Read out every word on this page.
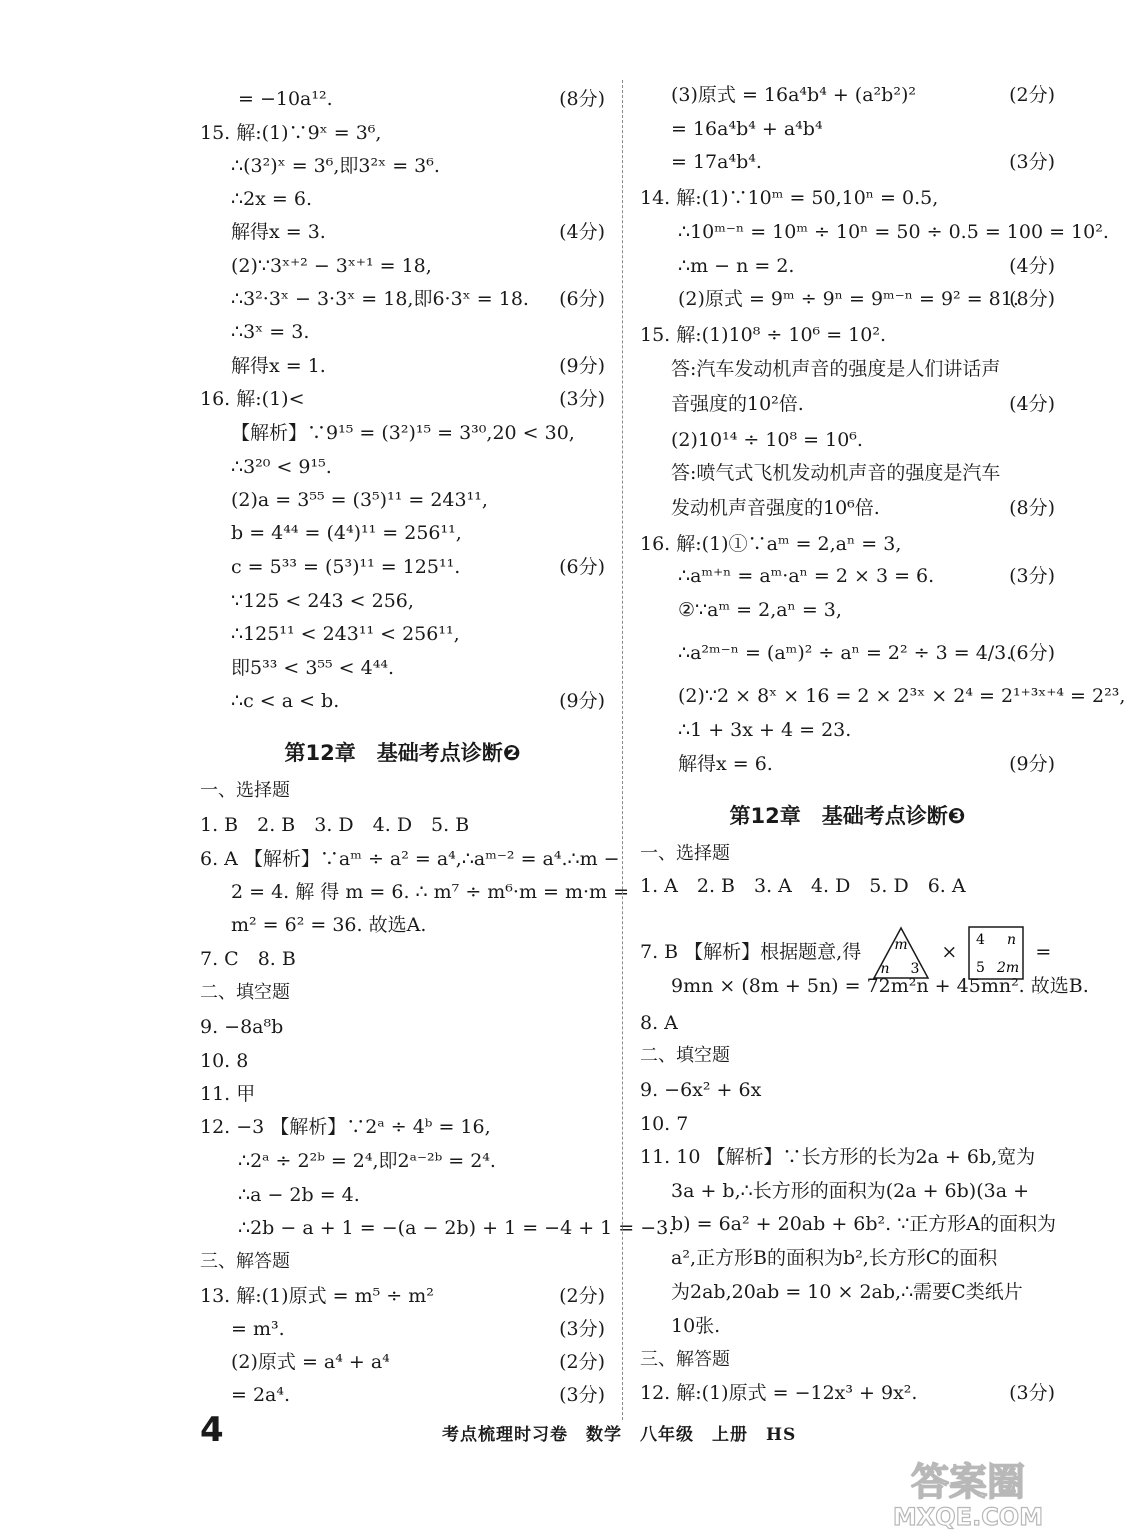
= −10a¹².	(8分)
15. 解:(1)∵9ˣ = 3⁶,
∴(3²)ˣ = 3⁶,即3²ˣ = 3⁶.
∴2x = 6.
解得x = 3.	(4分)
(2)∵3ˣ⁺² − 3ˣ⁺¹ = 18,
∴3²·3ˣ − 3·3ˣ = 18,即6·3ˣ = 18. (6分)
∴3ˣ = 3.
解得x = 1.	(9分)
16. 解:(1)<	(3分)
【解析】∵9¹⁵ = (3²)¹⁵ = 3³⁰,20 < 30,
∴3²⁰ < 9¹⁵.
(2)a = 3⁵⁵ = (3⁵)¹¹ = 243¹¹,
b = 4⁴⁴ = (4⁴)¹¹ = 256¹¹,
c = 5³³ = (5³)¹¹ = 125¹¹.	(6分)
∵125 < 243 < 256,
∴125¹¹ < 243¹¹ < 256¹¹,
即5³³ < 3⁵⁵ < 4⁴⁴.
∴c < a < b.	(9分)
第12章　基础考点诊断❷
一、选择题
1. B　2. B　3. D　4. D　5. B
6. A 【解析】∵aᵐ ÷ a² = a⁴,∴aᵐ⁻² = a⁴.∴m −
2 = 4. 解 得 m = 6. ∴ m⁷ ÷ m⁶·m = m·m =
m² = 6² = 36. 故选A.
7. C　8. B
二、填空题
9. −8a⁸b
10. 8
11. 甲
12. −3 【解析】∵2ᵃ ÷ 4ᵇ = 16,
∴2ᵃ ÷ 2²ᵇ = 2⁴,即2ᵃ⁻²ᵇ = 2⁴.
∴a − 2b = 4.
∴2b − a + 1 = −(a − 2b) + 1 = −4 + 1 = −3.
三、解答题
13. 解:(1)原式 = m⁵ ÷ m²	(2分)
= m³.	(3分)
(2)原式 = a⁴ + a⁴	(2分)
= 2a⁴.	(3分)
7. B 【解析】根据题意,得 m
n 3
×
4 n
5 2m
=
(3)原式 = 16a⁴b⁴ + (a²b²)²	(2分)
= 16a⁴b⁴ + a⁴b⁴
= 17a⁴b⁴.	(3分)
14. 解:(1)∵10ᵐ = 50,10ⁿ = 0.5,
∴10ᵐ⁻ⁿ = 10ᵐ ÷ 10ⁿ = 50 ÷ 0.5 = 100 = 10².
∴m − n = 2.	(4分)
(2)原式 = 9ᵐ ÷ 9ⁿ = 9ᵐ⁻ⁿ = 9² = 81.
(8分)
15. 解:(1)10⁸ ÷ 10⁶ = 10².
答:汽车发动机声音的强度是人们讲话声
音强度的10²倍.	(4分)
(2)10¹⁴ ÷ 10⁸ = 10⁶.
答:喷气式飞机发动机声音的强度是汽车
发动机声音强度的10⁶倍.	(8分)
16. 解:(1)①∵aᵐ = 2,aⁿ = 3,
∴aᵐ⁺ⁿ = aᵐ·aⁿ = 2 × 3 = 6.	(3分)
②∵aᵐ = 2,aⁿ = 3,
∴a²ᵐ⁻ⁿ = (aᵐ)² ÷ aⁿ = 2² ÷ 3 = 4/3.
(6分)
(2)∵2 × 8ˣ × 16 = 2 × 2³ˣ × 2⁴ = 2¹⁺³ˣ⁺⁴ = 2²³,
∴1 + 3x + 4 = 23.
解得x = 6.	(9分)
第12章　基础考点诊断❸
一、选择题
1. A　2. B　3. A　4. D　5. D　6. A
9mn × (8m + 5n) = 72m²n + 45mn². 故选B.
8. A
二、填空题
9. −6x² + 6x
10. 7
11. 10 【解析】∵长方形的长为2a + 6b,宽为
3a + b,∴长方形的面积为(2a + 6b)(3a +
b) = 6a² + 20ab + 6b². ∵正方形A的面积为
a²,正方形B的面积为b²,长方形C的面积
为2ab,20ab = 10 × 2ab,∴需要C类纸片
10张.
三、解答题
12. 解:(1)原式 = −12x³ + 9x².	(3分)
4	考点梳理时习卷　数学　八年级　上册　HS
答案圈
MXQE.COM
